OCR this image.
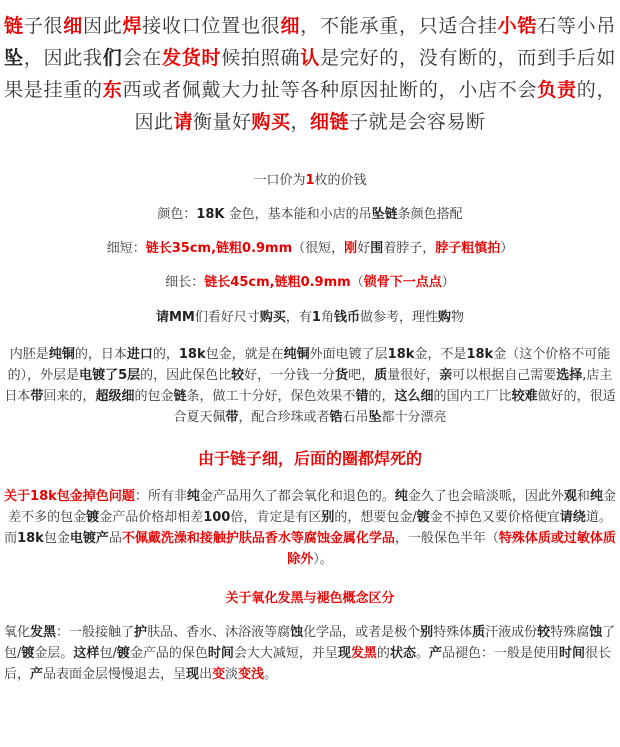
链子很细因此焊接收口位置也很细，不能承重，只适合挂小锆石等小吊坠，因此我们会在发货时候拍照确认是完好的，没有断的，而到手后如果是挂重的东西或者佩戴大力扯等各种原因扯断的，小店不会负责的，因此请衡量好购买，细链子就是会容易断
一口价为1枚的价钱
颜色：18K 金色，基本能和小店的吊坠链条颜色搭配
细短：链长35cm,链粗0.9mm（很短，刚好围着脖子，脖子粗慎拍）
细长：链长45cm,链粗0.9mm（锁骨下一点点）
请MM们看好尺寸购买，有1角钱币做参考，理性购物
内胚是纯铜的，日本进口的，18k包金，就是在纯铜外面电镀了层18k金，不是18k金（这个价格不可能的），外层是电镀了5层的，因此保色比较好，一分钱一分货吧，质量很好，亲可以根据自己需要选择,店主日本带回来的，超级细的包金链条，做工十分好，保色效果不错的，这么细的国内工厂比较难做好的，很适合夏天佩带，配合珍珠或者锆石吊坠都十分漂亮
由于链子细，后面的圈都焊死的
关于18k包金掉色问题：所有非纯金产品用久了都会氧化和退色的。纯金久了也会暗淡哌，因此外观和纯金差不多的包金镀金产品价格却相差100倍，肯定是有区别的，想要包金/镀金不掉色又要价格便宜请绕道。而18k包金电镀产品不佩戴洗澡和接触护肤品香水等腐蚀金属化学品，一般保色半年（特殊体质或过敏体质除外）。
关于氧化发黑与褪色概念区分
氧化发黑：一般接触了护肤品、香水、沐浴液等腐蚀化学品，或者是极个别特殊体质汗液成份较特殊腐蚀了包/镀金层。这样包/镀金产品的保色时间会大大减短，并呈现发黑的状态。产品褪色：一般是使用时间很长后，产品表面金层慢慢退去，呈现出变淡变浅。
